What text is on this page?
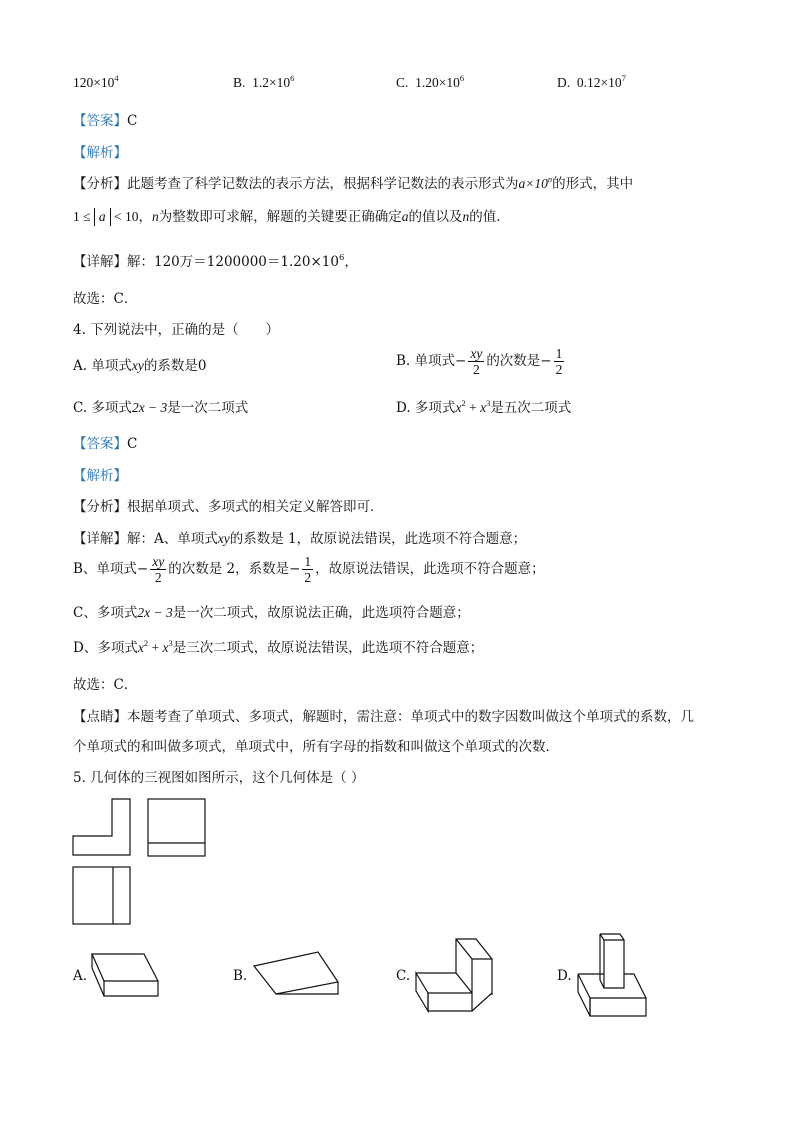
$120\times 10^4$	B. $1.2\times 10^6$	C. $1.20\times 10^6$	D. $0.12\times 10^7$
【答案】C
【解析】
【分析】此题考查了科学记数法的表示方法，根据科学记数法的表示形式为$a\times 10^n$的形式，其中
1 ≤ a < 10，n为整数即可求解，解题的关键要正确确定a的值以及n的值．
【详解】解：120万$=1200000=1.20\times 10^6$，
故选：C．
4. 下列说法中，正确的是（　　）
A. 单项式xy的系数是0	B. 单项式− $\frac{xy}{2}$ 的次数是− $\frac{1}{2}$
C. 多项式2x − 3是一次二项式	D. 多项式$x^2 + x^3$是五次二项式
【答案】C
【解析】
【分析】根据单项式、多项式的相关定义解答即可．
【详解】解：A、单项式xy的系数是 1，故原说法错误，此选项不符合题意；
B、单项式− $\frac{xy}{2}$ 的次数是 2，系数是− $\frac{1}{2}$ ，故原说法错误，此选项不符合题意；
C、多项式2x − 3是一次二项式，故原说法正确，此选项符合题意；
D、多项式$x^2 + x^3$是三次二项式，故原说法错误，此选项不符合题意；
故选：C．
【点睛】本题考查了单项式、多项式，解题时，需注意：单项式中的数字因数叫做这个单项式的系数，几
个单项式的和叫做多项式，单项式中，所有字母的指数和叫做这个单项式的次数．
5. 几何体的三视图如图所示，这个几何体是（ ）
A.	B.	C.	D.
